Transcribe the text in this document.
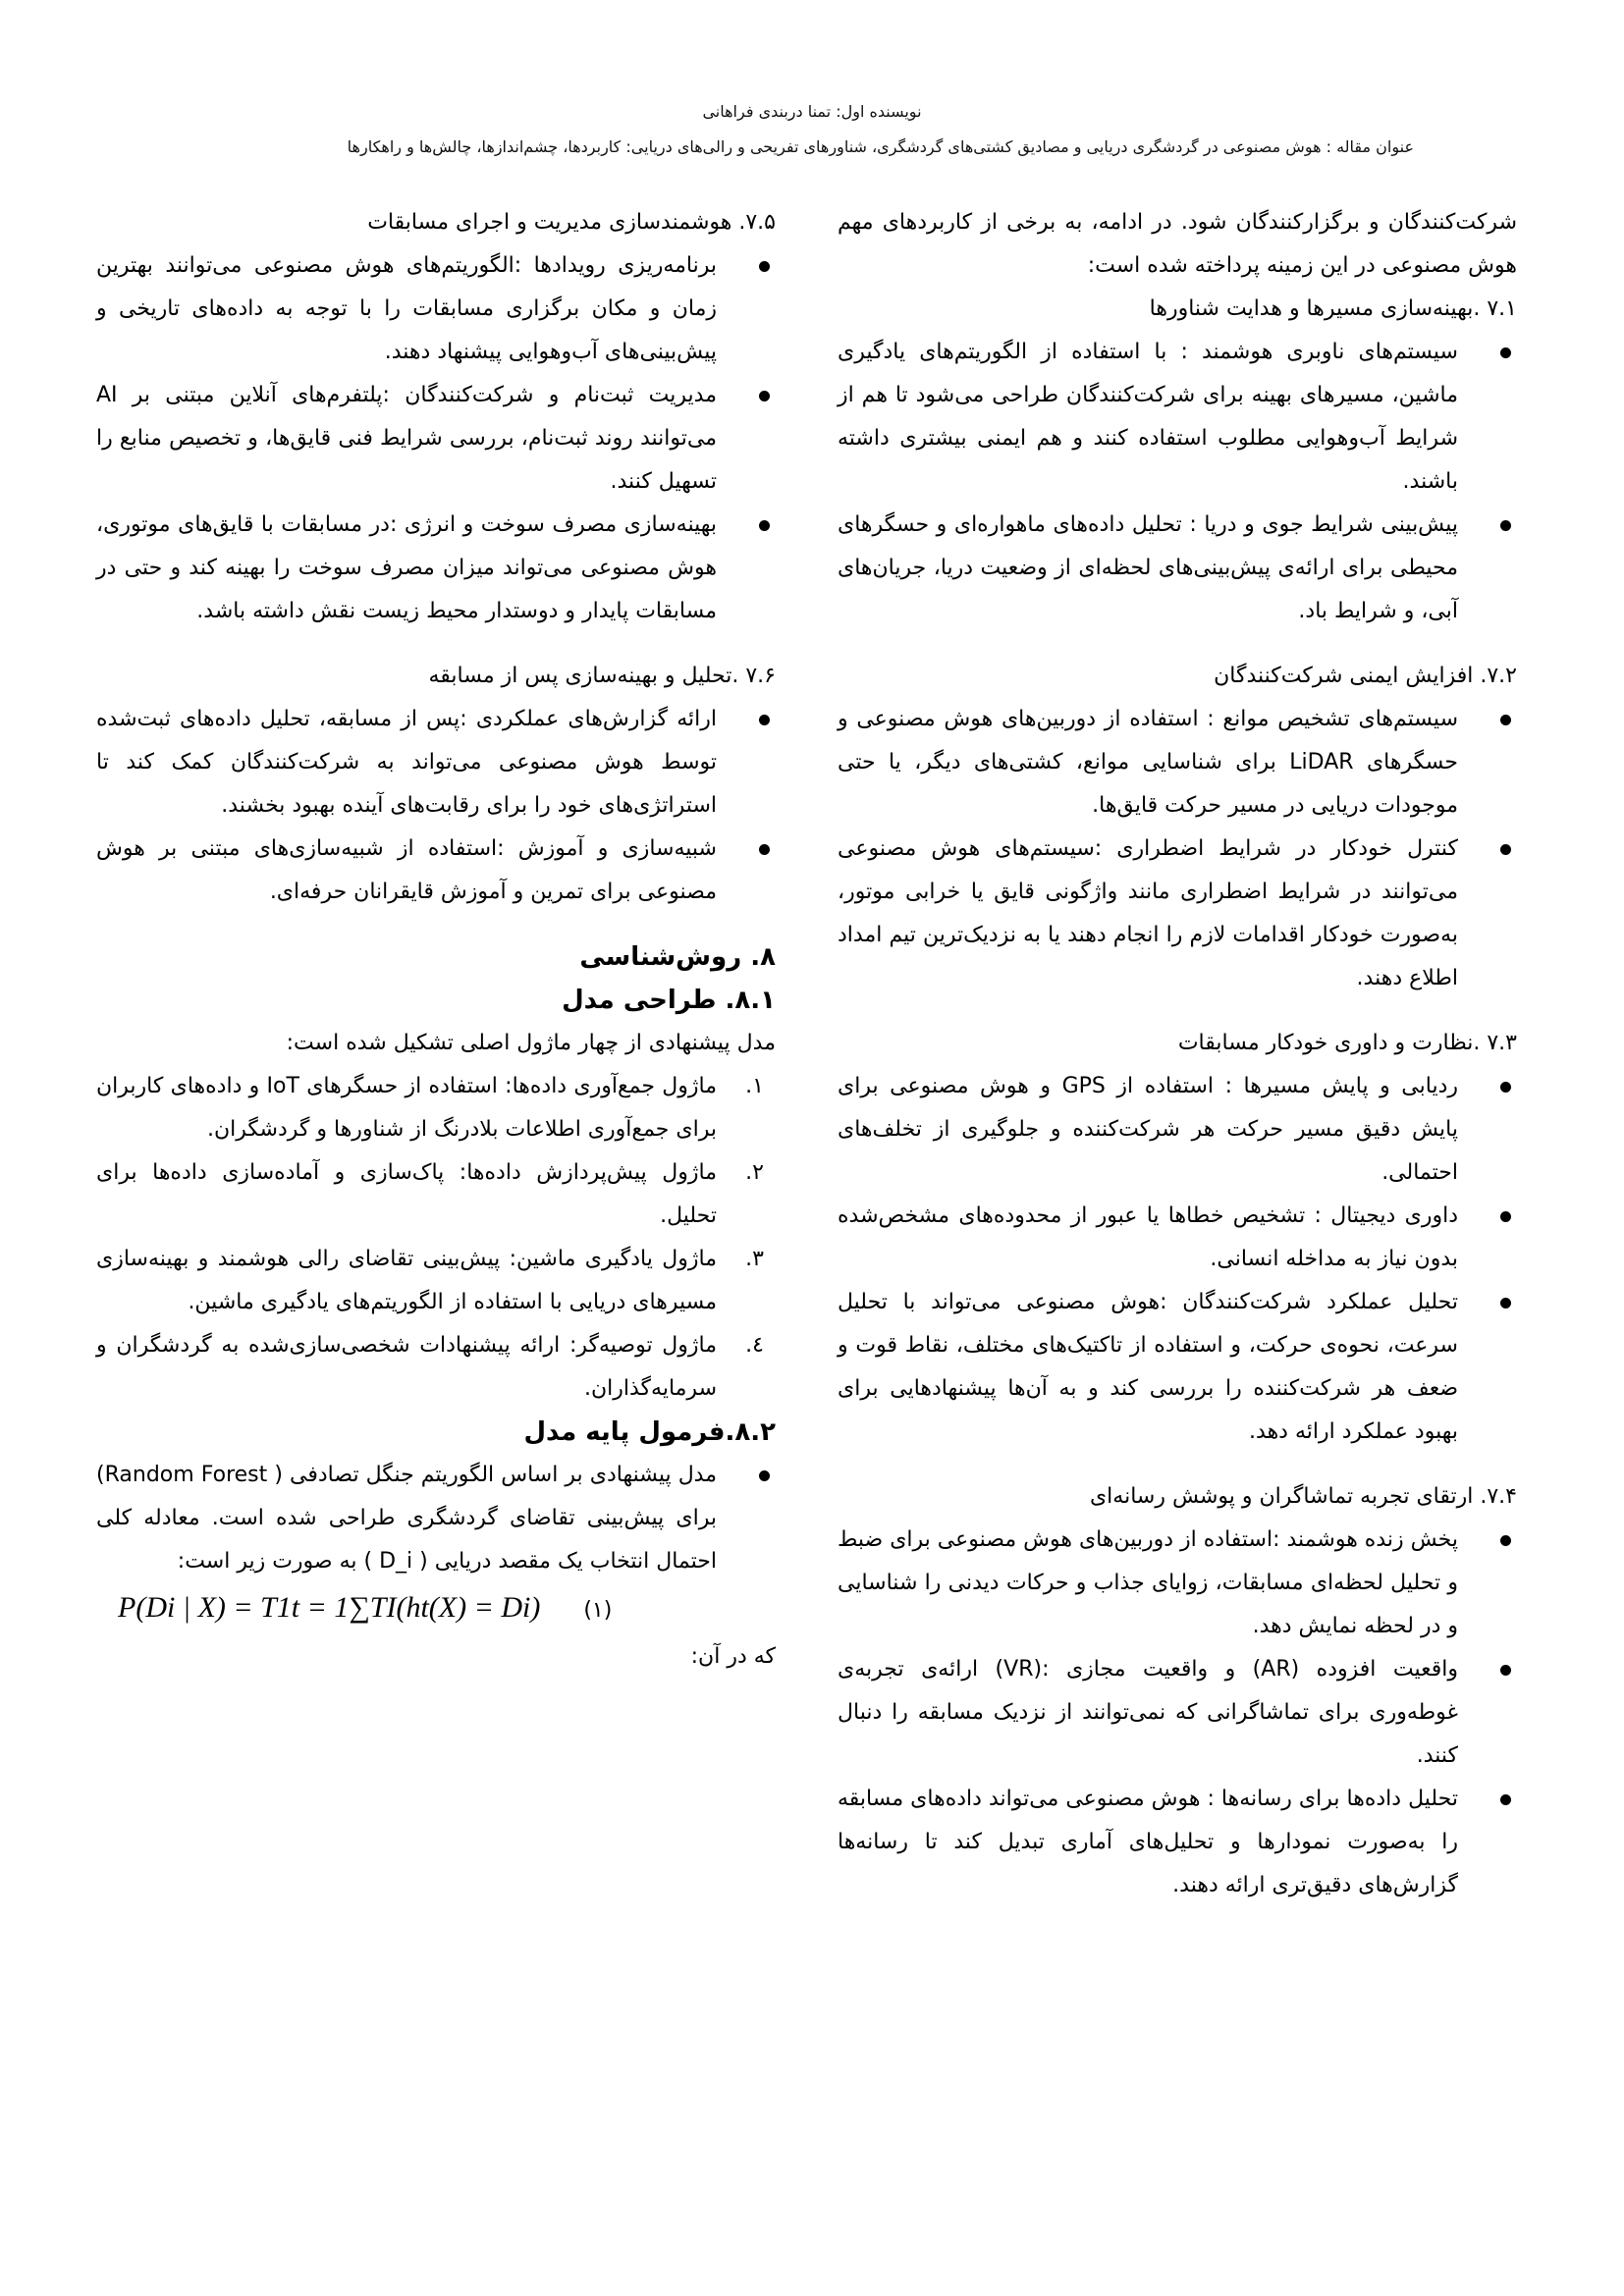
نویسنده اول: تمنا دربندی فراهانی
عنوان مقاله : هوش مصنوعی در گردشگری دریایی و مصادیق کشتی‌های گردشگری، شناورهای تفریحی و رالی‌های دریایی: کاربردها، چشم‌اندازها، چالش‌ها و راهکارها

شرکت‌کنندگان و برگزارکنندگان شود. در ادامه، به برخی از کاربردهای مهم هوش مصنوعی در این زمینه پرداخته شده است:

۷.۱ .بهینه‌سازی مسیرها و هدایت شناورها

سیستم‌های ناوبری هوشمند : با استفاده از الگوریتم‌های یادگیری ماشین، مسیرهای بهینه برای شرکت‌کنندگان طراحی می‌شود تا هم از شرایط آب‌وهوایی مطلوب استفاده کنند و هم ایمنی بیشتری داشته باشند.
پیش‌بینی شرایط جوی و دریا : تحلیل داده‌های ماهواره‌ای و حسگرهای محیطی برای ارائه‌ی پیش‌بینی‌های لحظه‌ای از وضعیت دریا، جریان‌های آبی، و شرایط باد.

۷.۲. افزایش ایمنی شرکت‌کنندگان

سیستم‌های تشخیص موانع : استفاده از دوربین‌های هوش مصنوعی و حسگرهای LiDAR برای شناسایی موانع، کشتی‌های دیگر، یا حتی موجودات دریایی در مسیر حرکت قایق‌ها.
کنترل خودکار در شرایط اضطراری :سیستم‌های هوش مصنوعی می‌توانند در شرایط اضطراری مانند واژگونی قایق یا خرابی موتور، به‌صورت خودکار اقدامات لازم را انجام دهند یا به نزدیک‌ترین تیم امداد اطلاع دهند.

۷.۳ .نظارت و داوری خودکار مسابقات

ردیابی و پایش مسیرها : استفاده از GPS و هوش مصنوعی برای پایش دقیق مسیر حرکت هر شرکت‌کننده و جلوگیری از تخلف‌های احتمالی.
داوری دیجیتال : تشخیص خطاها یا عبور از محدوده‌های مشخص‌شده بدون نیاز به مداخله انسانی.
تحلیل عملکرد شرکت‌کنندگان :هوش مصنوعی می‌تواند با تحلیل سرعت، نحوه‌ی حرکت، و استفاده از تاکتیک‌های مختلف، نقاط قوت و ضعف هر شرکت‌کننده را بررسی کند و به آن‌ها پیشنهادهایی برای بهبود عملکرد ارائه دهد.

۷.۴. ارتقای تجربه تماشاگران و پوشش رسانه‌ای

پخش زنده هوشمند :استفاده از دوربین‌های هوش مصنوعی برای ضبط و تحلیل لحظه‌ای مسابقات، زوایای جذاب و حرکات دیدنی را شناسایی و در لحظه نمایش دهد.
واقعیت افزوده (AR) و واقعیت مجازی :(VR) ارائه‌ی تجربه‌ی غوطه‌وری برای تماشاگرانی که نمی‌توانند از نزدیک مسابقه را دنبال کنند.
تحلیل داده‌ها برای رسانه‌ها : هوش مصنوعی می‌تواند داده‌های مسابقه را به‌صورت نمودارها و تحلیل‌های آماری تبدیل کند تا رسانه‌ها گزارش‌های دقیق‌تری ارائه دهند.

۷.۵. هوشمندسازی مدیریت و اجرای مسابقات

برنامه‌ریزی رویدادها :الگوریتم‌های هوش مصنوعی می‌توانند بهترین زمان و مکان برگزاری مسابقات را با توجه به داده‌های تاریخی و پیش‌بینی‌های آب‌وهوایی پیشنهاد دهند.
مدیریت ثبت‌نام و شرکت‌کنندگان :پلتفرم‌های آنلاین مبتنی بر AI می‌توانند روند ثبت‌نام، بررسی شرایط فنی قایق‌ها، و تخصیص منابع را تسهیل کنند.
بهینه‌سازی مصرف سوخت و انرژی :در مسابقات با قایق‌های موتوری، هوش مصنوعی می‌تواند میزان مصرف سوخت را بهینه کند و حتی در مسابقات پایدار و دوستدار محیط زیست نقش داشته باشد.

۷.۶ .تحلیل و بهینه‌سازی پس از مسابقه

ارائه گزارش‌های عملکردی :پس از مسابقه، تحلیل داده‌های ثبت‌شده توسط هوش مصنوعی می‌تواند به شرکت‌کنندگان کمک کند تا استراتژی‌های خود را برای رقابت‌های آینده بهبود بخشند.
شبیه‌سازی و آموزش :استفاده از شبیه‌سازی‌های مبتنی بر هوش مصنوعی برای تمرین و آموزش قایقرانان حرفه‌ای.

۸. روش‌شناسی

۸.۱. طراحی مدل

مدل پیشنهادی از چهار ماژول اصلی تشکیل شده است:

١.
ماژول جمع‌آوری داده‌ها: استفاده از حسگرهای IoT و داده‌های کاربران برای جمع‌آوری اطلاعات بلادرنگ از شناورها و گردشگران.
٢.
ماژول پیش‌پردازش داده‌ها: پاک‌سازی و آماده‌سازی داده‌ها برای تحلیل.
٣.
ماژول یادگیری ماشین: پیش‌بینی تقاضای رالی هوشمند و بهینه‌سازی مسیرهای دریایی با استفاده از الگوریتم‌های یادگیری ماشین.
٤.
ماژول توصیه‌گر: ارائه پیشنهادات شخصی‌سازی‌شده به گردشگران و سرمایه‌گذاران.

۸.۲.فرمول پایه مدل

مدل پیشنهادی بر اساس الگوریتم جنگل تصادفی ( Random Forest) برای پیش‌بینی تقاضای گردشگری طراحی شده است. معادله کلی احتمال انتخاب یک مقصد دریایی ( D_i ) به صورت زیر است:
P(Di | X) = T1t = 1∑TI(ht(X) = Di) (۱)

که در آن:
